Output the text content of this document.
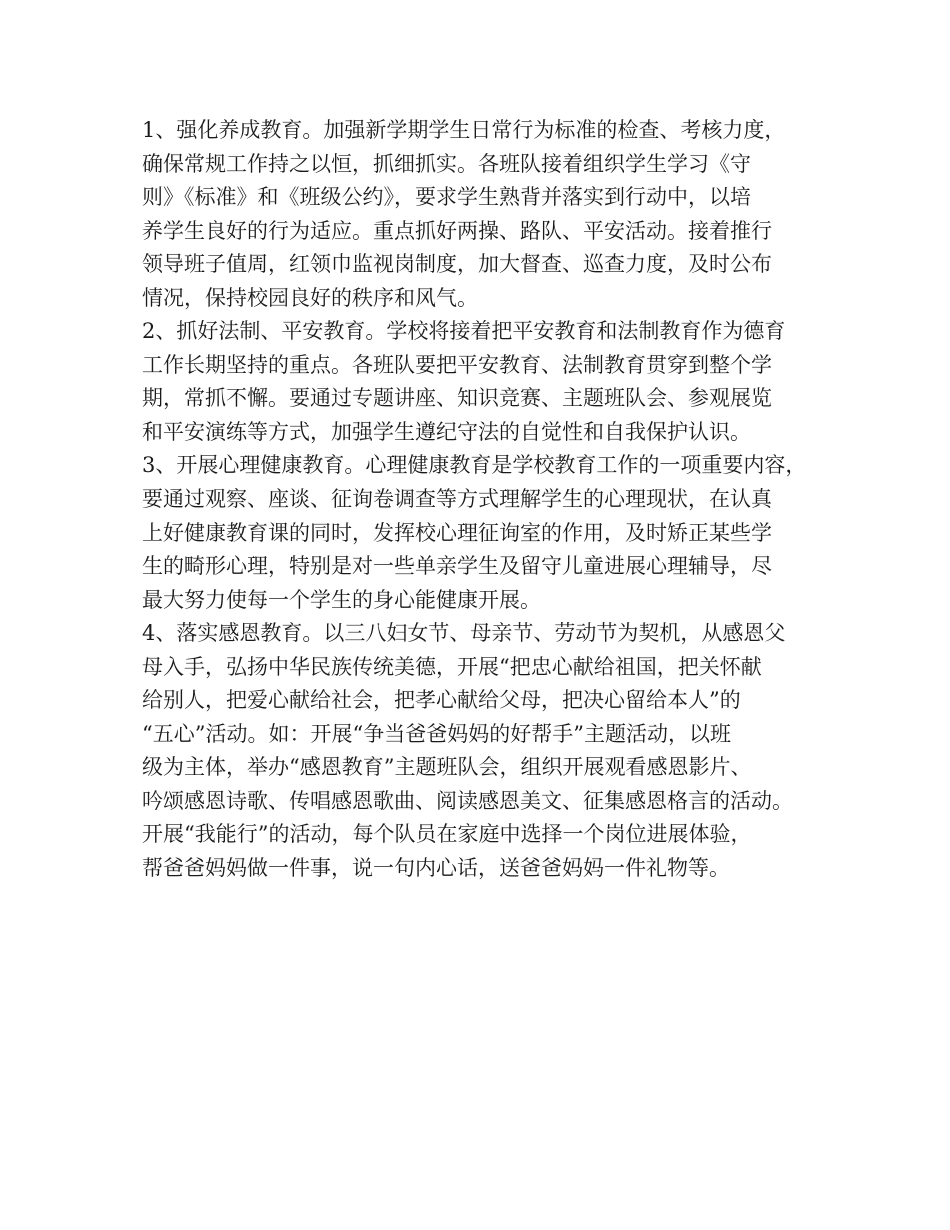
1、强化养成教育。加强新学期学生日常行为标准的检查、考核力度，
确保常规工作持之以恒，抓细抓实。各班队接着组织学生学习《守
则》《标准》和《班级公约》，要求学生熟背并落实到行动中，以培
养学生良好的行为适应。重点抓好两操、路队、平安活动。接着推行
领导班子值周，红领巾监视岗制度，加大督查、巡查力度，及时公布
情况，保持校园良好的秩序和风气。
2、抓好法制、平安教育。学校将接着把平安教育和法制教育作为德育
工作长期坚持的重点。各班队要把平安教育、法制教育贯穿到整个学
期，常抓不懈。要通过专题讲座、知识竞赛、主题班队会、参观展览
和平安演练等方式，加强学生遵纪守法的自觉性和自我保护认识。
3、开展心理健康教育。心理健康教育是学校教育工作的一项重要内容，
要通过观察、座谈、征询卷调查等方式理解学生的心理现状，在认真
上好健康教育课的同时，发挥校心理征询室的作用，及时矫正某些学
生的畸形心理，特别是对一些单亲学生及留守儿童进展心理辅导，尽
最大努力使每一个学生的身心能健康开展。
4、落实感恩教育。以三八妇女节、母亲节、劳动节为契机，从感恩父
母入手，弘扬中华民族传统美德，开展“把忠心献给祖国，把关怀献
给别人，把爱心献给社会，把孝心献给父母，把决心留给本人”的
“五心”活动。如：开展“争当爸爸妈妈的好帮手”主题活动，以班
级为主体，举办“感恩教育”主题班队会，组织开展观看感恩影片、
吟颂感恩诗歌、传唱感恩歌曲、阅读感恩美文、征集感恩格言的活动。
开展“我能行”的活动，每个队员在家庭中选择一个岗位进展体验，
帮爸爸妈妈做一件事，说一句内心话，送爸爸妈妈一件礼物等。
